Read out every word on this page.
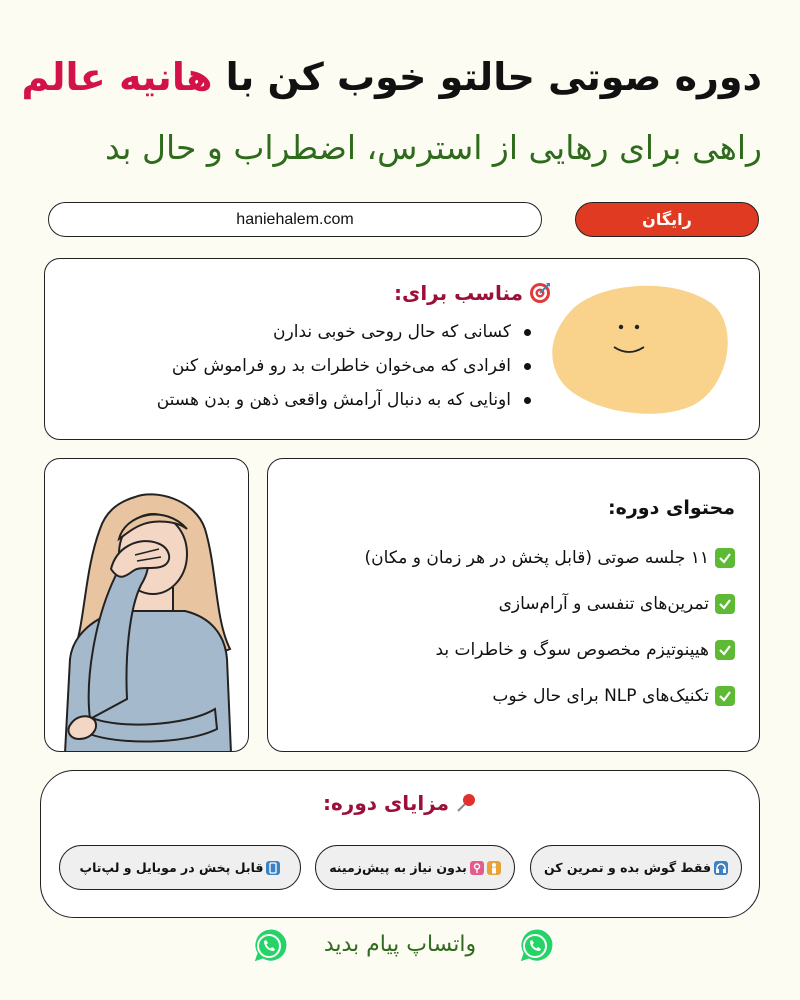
دوره صوتی حالتو خوب کن با هانیه عالم
راهی برای رهایی از استرس، اضطراب و حال بد
haniehalem.com	رایگان
مناسب برای:
کسانی که حال روحی خوبی ندارن
افرادی که می‌خوان خاطرات بد رو فراموش کنن
اونایی که به دنبال آرامش واقعی ذهن و بدن هستن
محتوای دوره:
۱۱ جلسه صوتی (قابل پخش در هر زمان و مکان)
تمرین‌های تنفسی و آرام‌سازی
هیپنوتیزم مخصوص سوگ و خاطرات بد
تکنیک‌های NLP برای حال خوب
مزایای دوره:
فقط گوش بده و تمرین کن
بدون نیاز به پیش‌زمینه
قابل پخش در موبایل و لپ‌تاپ
واتساپ پیام بدید
